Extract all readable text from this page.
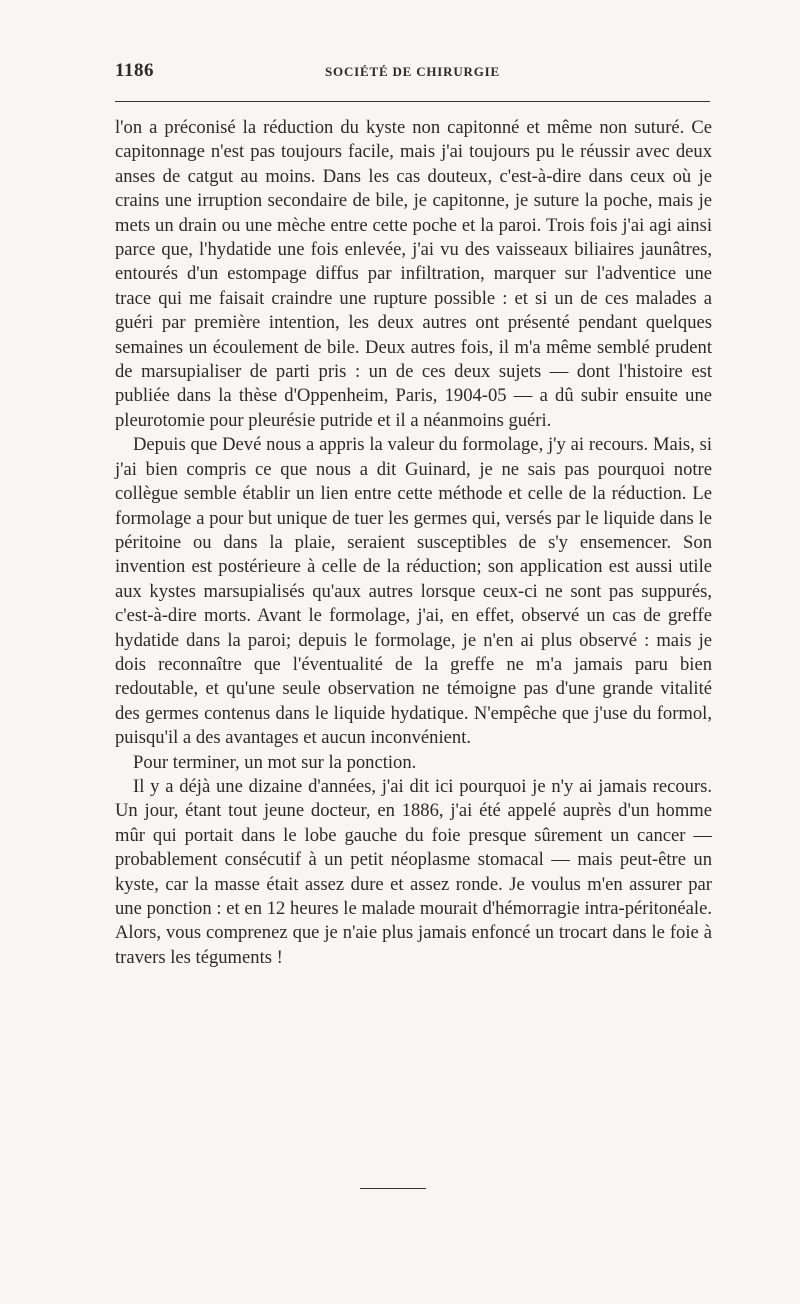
1186	SOCIÉTÉ DE CHIRURGIE

l'on a préconisé la réduction du kyste non capitonné et même non suturé. Ce capitonnage n'est pas toujours facile, mais j'ai toujours pu le réussir avec deux anses de catgut au moins. Dans les cas douteux, c'est-à-dire dans ceux où je crains une irruption secondaire de bile, je capitonne, je suture la poche, mais je mets un drain ou une mèche entre cette poche et la paroi. Trois fois j'ai agi ainsi parce que, l'hydatide une fois enlevée, j'ai vu des vaisseaux biliaires jaunâtres, entourés d'un estompage diffus par infiltration, marquer sur l'adventice une trace qui me faisait craindre une rupture possible : et si un de ces malades a guéri par première intention, les deux autres ont présenté pendant quelques semaines un écoulement de bile. Deux autres fois, il m'a même semblé prudent de marsupialiser de parti pris : un de ces deux sujets — dont l'histoire est publiée dans la thèse d'Oppenheim, Paris, 1904-05 — a dû subir ensuite une pleurotomie pour pleurésie putride et il a néanmoins guéri.

Depuis que Devé nous a appris la valeur du formolage, j'y ai recours. Mais, si j'ai bien compris ce que nous a dit Guinard, je ne sais pas pourquoi notre collègue semble établir un lien entre cette méthode et celle de la réduction. Le formolage a pour but unique de tuer les germes qui, versés par le liquide dans le péritoine ou dans la plaie, seraient susceptibles de s'y ensemencer. Son invention est postérieure à celle de la réduction; son application est aussi utile aux kystes marsupialisés qu'aux autres lorsque ceux-ci ne sont pas suppurés, c'est-à-dire morts. Avant le formolage, j'ai, en effet, observé un cas de greffe hydatide dans la paroi; depuis le formolage, je n'en ai plus observé : mais je dois reconnaître que l'éventualité de la greffe ne m'a jamais paru bien redoutable, et qu'une seule observation ne témoigne pas d'une grande vitalité des germes contenus dans le liquide hydatique. N'empêche que j'use du formol, puisqu'il a des avantages et aucun inconvénient.

Pour terminer, un mot sur la ponction.

Il y a déjà une dizaine d'années, j'ai dit ici pourquoi je n'y ai jamais recours. Un jour, étant tout jeune docteur, en 1886, j'ai été appelé auprès d'un homme mûr qui portait dans le lobe gauche du foie presque sûrement un cancer — probablement consécutif à un petit néoplasme stomacal — mais peut-être un kyste, car la masse était assez dure et assez ronde. Je voulus m'en assurer par une ponction : et en 12 heures le malade mourait d'hémorragie intra-péritonéale. Alors, vous comprenez que je n'aie plus jamais enfoncé un trocart dans le foie à travers les téguments !
